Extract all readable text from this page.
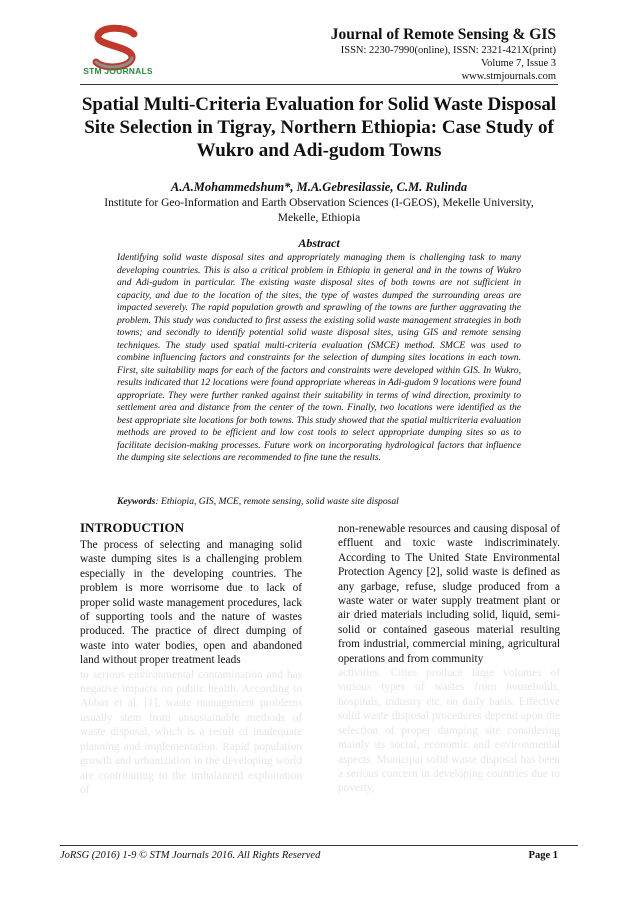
STM JOURNALS
Journal of Remote Sensing & GIS
ISSN: 2230-7990(online), ISSN: 2321-421X(print)
Volume 7, Issue 3
www.stmjournals.com
Spatial Multi-Criteria Evaluation for Solid Waste Disposal Site Selection in Tigray, Northern Ethiopia: Case Study of Wukro and Adi-gudom Towns
A.A.Mohammedshum*, M.A.Gebresilassie, C.M. Rulinda
Institute for Geo-Information and Earth Observation Sciences (I-GEOS), Mekelle University, Mekelle, Ethiopia
Abstract

Identifying solid waste disposal sites and appropriately managing them is challenging task to many developing countries. This is also a critical problem in Ethiopia in general and in the towns of Wukro and Adi-gudom in particular. The existing waste disposal sites of both towns are not sufficient in capacity, and due to the location of the sites, the type of wastes dumped the surrounding areas are impacted severely. The rapid population growth and sprawling of the towns are further aggravating the problem. This study was conducted to first assess the existing solid waste management strategies in both towns; and secondly to identify potential solid waste disposal sites, using GIS and remote sensing techniques. The study used spatial multi-criteria evaluation (SMCE) method. SMCE was used to combine influencing factors and constraints for the selection of dumping sites locations in each town. First, site suitability maps for each of the factors and constraints were developed within GIS. In Wukro, results indicated that 12 locations were found appropriate whereas in Adi-gudom 9 locations were found appropriate. They were further ranked against their suitability in terms of wind direction, proximity to settlement area and distance from the center of the town. Finally, two locations were identified as the best appropriate site locations for both towns. This study showed that the spatial multicriteria evaluation methods are proved to be efficient and low cost tools to select appropriate dumping sites so as to facilitate decision-making processes. Future work on incorporating hydrological factors that influence the dumping site selections are recommended to fine tune the results.

Keywords: Ethiopia, GIS, MCE, remote sensing, solid waste site disposal
INTRODUCTION

The process of selecting and managing solid waste dumping sites is a challenging problem especially in the developing countries. The problem is more worrisome due to lack of proper solid waste management procedures, lack of supporting tools and the nature of wastes produced. The practice of direct dumping of waste into water bodies, open and abandoned land without proper treatment leads

to serious environmental contamination and has negative impacts on public health. According to Abbas et al. [1], waste management problems usually stem from unsustainable methods of waste disposal, which is a result of inadequate planning and implementation. Rapid population growth and urbanization in the developing world are contributing to the imbalanced exploitation of

non-renewable resources and causing disposal of effluent and toxic waste indiscriminately. According to The United State Environmental Protection Agency [2], solid waste is defined as any garbage, refuse, sludge produced from a waste water or water supply treatment plant or air dried materials including solid, liquid, semi-solid or contained gaseous material resulting from industrial, commercial mining, agricultural operations and from community

activities. Cities produce large volumes of various types of wastes from households, hospitals, industry etc. on daily basis. Effective solid waste disposal procedures depend upon the selection of proper dumping site considering mainly its social, economic and environmental aspects. Municipal solid waste disposal has been a serious concern in developing countries due to poverty,

JoRSG (2016) 1-9 © STM Journals 2016. All Rights Reserved	Page 1
